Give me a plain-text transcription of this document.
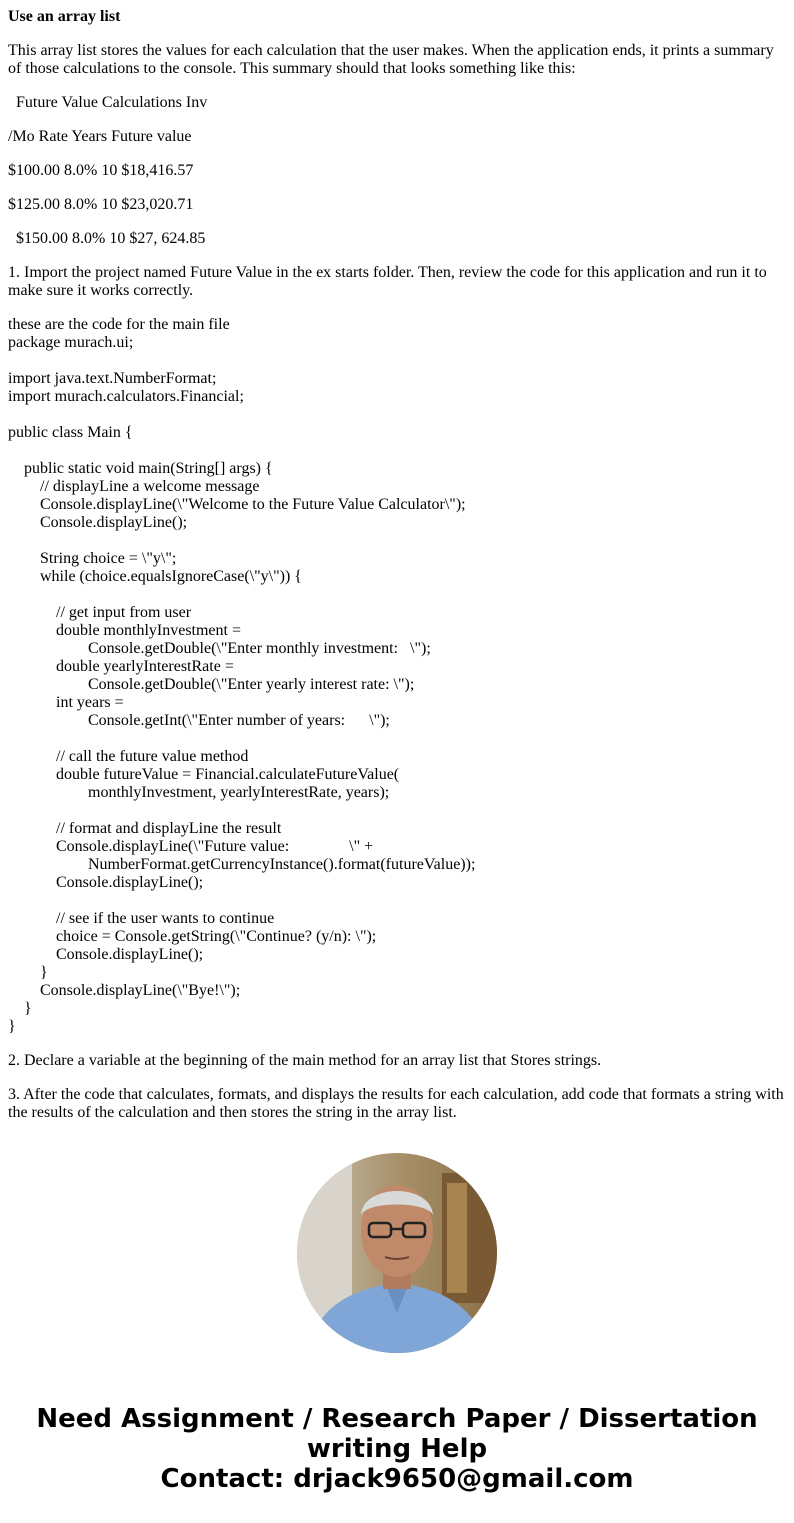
Use an array list

This array list stores the values for each calculation that the user makes. When the application ends, it prints a summary of those calculations to the console. This summary should that looks something like this:

Future Value Calculations Inv

/Mo Rate Years Future value

$100.00 8.0% 10 $18,416.57

$125.00 8.0% 10 $23,020.71

$150.00 8.0% 10 $27, 624.85

1. Import the project named Future Value in the ex starts folder. Then, review the code for this application and run it to make sure it works correctly.

these are the code for the main file
package murach.ui;

import java.text.NumberFormat;
import murach.calculators.Financial;

public class Main {

public static void main(String[] args) {
// displayLine a welcome message
Console.displayLine(\"Welcome to the Future Value Calculator\");
Console.displayLine();

String choice = \"y\";
while (choice.equalsIgnoreCase(\"y\")) {

// get input from user
double monthlyInvestment =
Console.getDouble(\"Enter monthly investment:   \");
double yearlyInterestRate =
Console.getDouble(\"Enter yearly interest rate: \");
int years =
Console.getInt(\"Enter number of years:      \");

// call the future value method
double futureValue = Financial.calculateFutureValue(
monthlyInvestment, yearlyInterestRate, years);

// format and displayLine the result
Console.displayLine(\"Future value:               \" +
NumberFormat.getCurrencyInstance().format(futureValue));
Console.displayLine();

// see if the user wants to continue
choice = Console.getString(\"Continue? (y/n): \");
Console.displayLine();
}
Console.displayLine(\"Bye!\");
}
}

2. Declare a variable at the beginning of the main method for an array list that Stores strings.

3. After the code that calculates, formats, and displays the results for each calculation, add code that formats a string with the results of the calculation and then stores the string in the array list.

Need Assignment / Research Paper / Dissertation
writing Help
Contact: drjack9650@gmail.com
